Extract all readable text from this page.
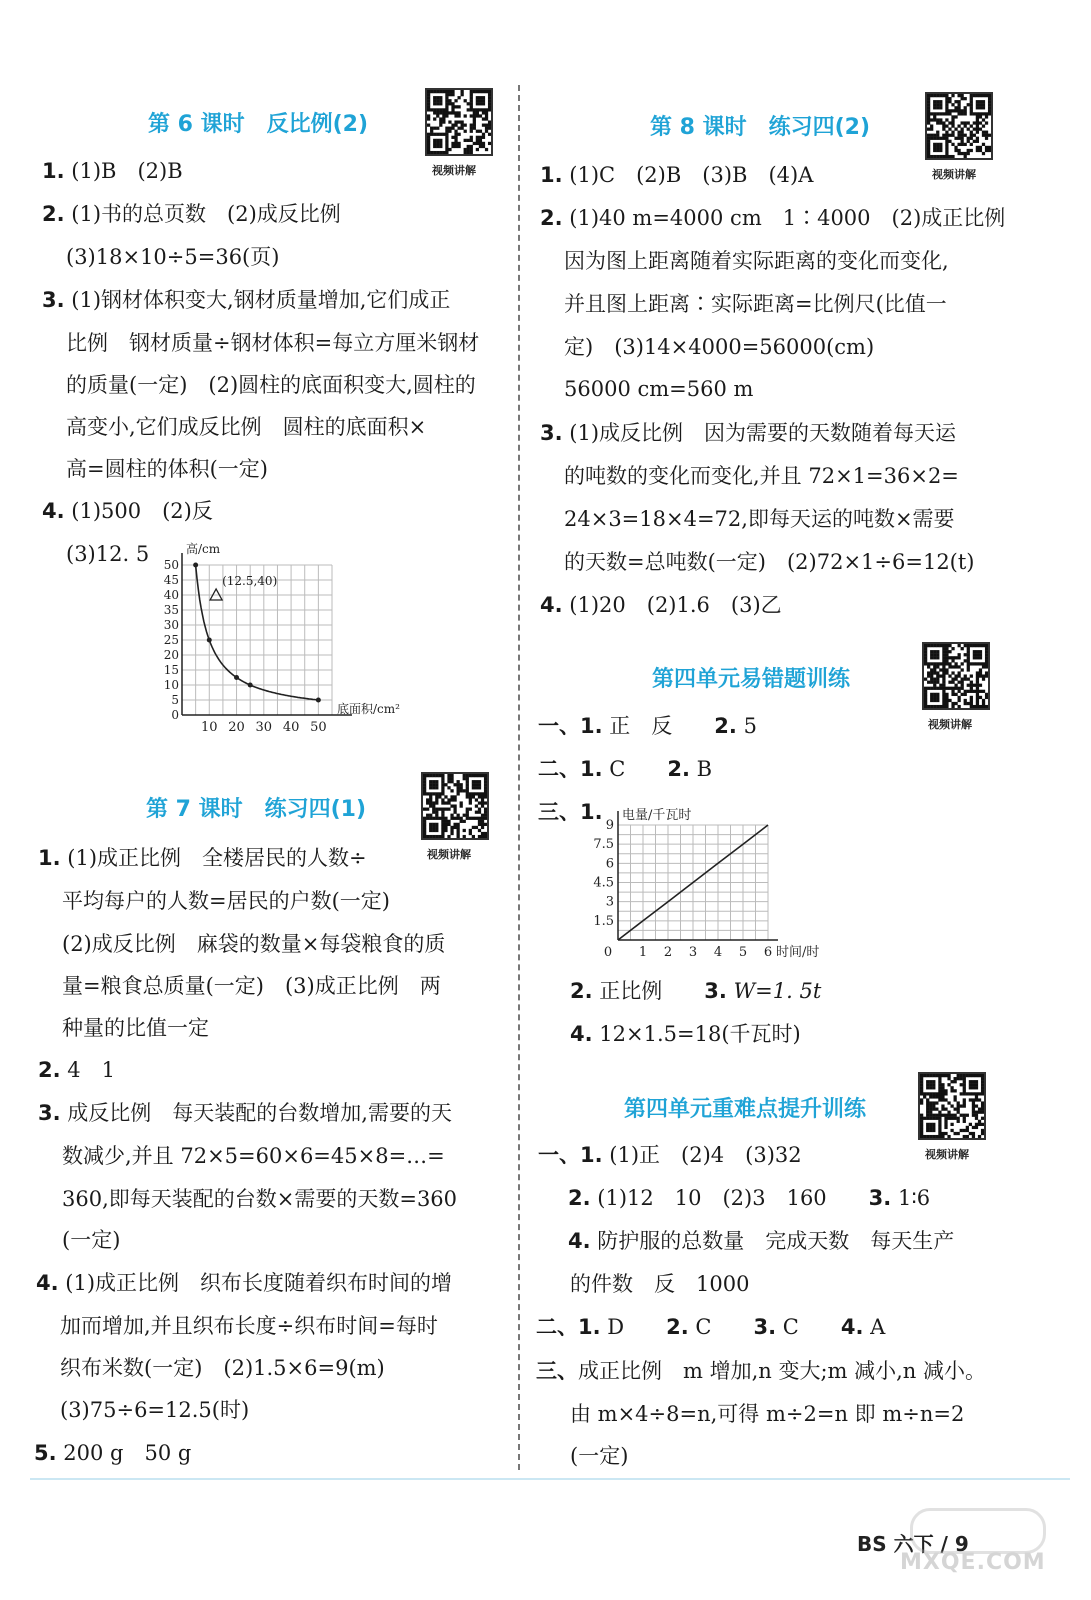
第 6 课时　反比例(2)
视频讲解
1. (1)B　(2)B
2. (1)书的总页数　(2)成反比例
(3)18×10÷5=36(页)
3. (1)钢材体积变大,钢材质量增加,它们成正
比例　钢材质量÷钢材体积=每立方厘米钢材
的质量(一定)　(2)圆柱的底面积变大,圆柱的
高变小,它们成反比例　圆柱的底面积×
高=圆柱的体积(一定)
4. (1)500　(2)反
(3)12. 5
0
5
10
15
20
25
30
35
40
45
50
10 20 30 40 50
高/cm
底面积/cm²
(12.5,40)
第 7 课时　练习四(1)
视频讲解
1. (1)成正比例　全楼居民的人数÷
平均每户的人数=居民的户数(一定)
(2)成反比例　麻袋的数量×每袋粮食的质
量=粮食总质量(一定)　(3)成正比例　两
种量的比值一定
2. 4　1
3. 成反比例　每天装配的台数增加,需要的天
数减少,并且 72×5=60×6=45×8=…=
360,即每天装配的台数×需要的天数=360
(一定)
4. (1)成正比例　织布长度随着织布时间的增
加而增加,并且织布长度÷织布时间=每时
织布米数(一定)　(2)1.5×6=9(m)
(3)75÷6=12.5(时)
5. 200 g　50 g
第 8 课时　练习四(2)
视频讲解
1. (1)C　(2)B　(3)B　(4)A
2. (1)40 m=4000 cm　1∶4000　(2)成正比例
因为图上距离随着实际距离的变化而变化,
并且图上距离∶实际距离=比例尺(比值一
定)　(3)14×4000=56000(cm)
56000 cm=560 m
3. (1)成反比例　因为需要的天数随着每天运
的吨数的变化而变化,并且 72×1=36×2=
24×3=18×4=72,即每天运的吨数×需要
的天数=总吨数(一定)　(2)72×1÷6=12(t)
4. (1)20　(2)1.6　(3)乙
第四单元易错题训练
视频讲解
一、1. 正　反　　 2. 5
二、1. C　　 2. B
三、1.
1.5
3
4.5
6
7.5
9
0 1 2 3 4 5 6
电量/千瓦时
时间/时
2. 正比例　　 3. W=1. 5t
4. 12×1.5=18(千瓦时)
第四单元重难点提升训练
视频讲解
一、1. (1)正　(2)4　(3)32
2. (1)12　10　(2)3　160　　 3. 1∶6
4. 防护服的总数量　完成天数　每天生产
的件数　反　1000
二、1. D　　 2. C　　 3. C　　 4. A
三、成正比例　m 增加,n 变大;m 减小,n 减小。
由 m×4÷8=n,可得 m÷2=n 即 m÷n=2
(一定)
BS 六下 / 9
MXQE.COM
